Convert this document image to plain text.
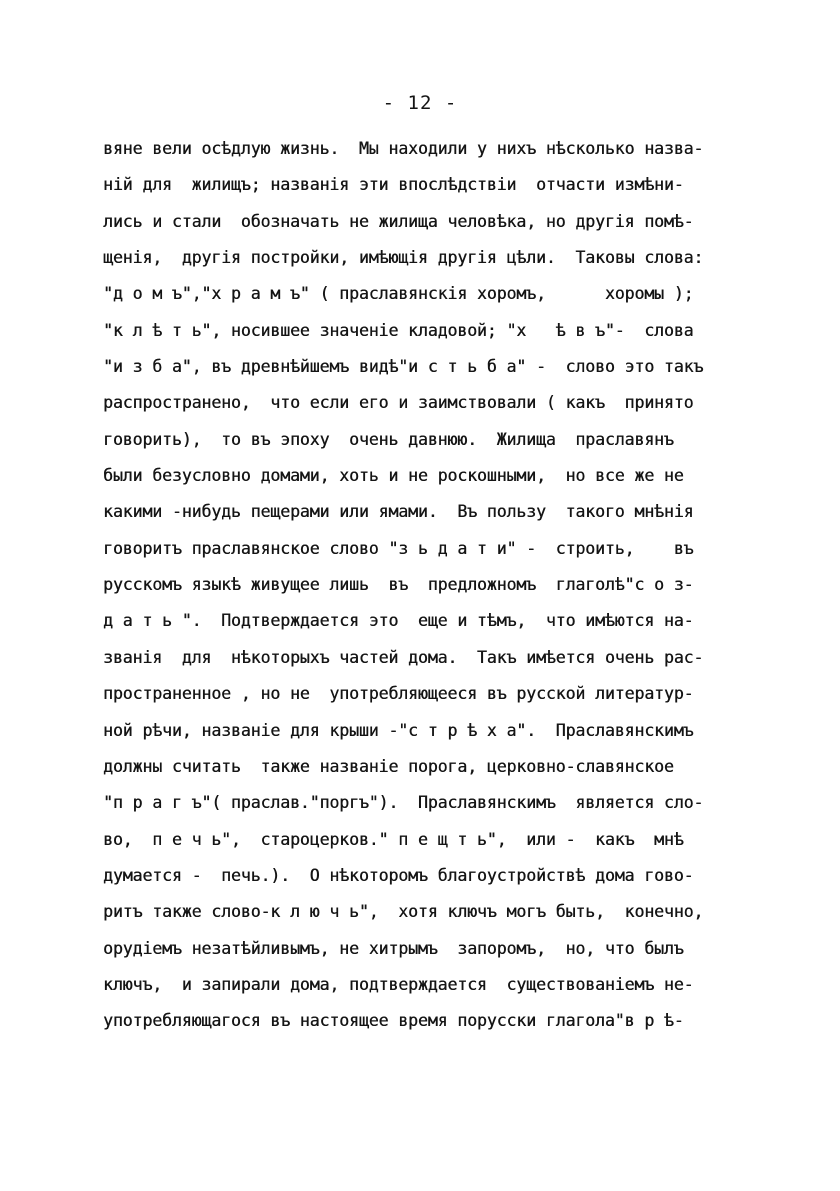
- 12 -
вяне вели осѣдлую жизнь.  Мы находили у нихъ нѣсколько назва-
нiй для  жилищъ; названiя эти впослѣдствiи  отчасти измѣни-
лись и стали  обозначать не жилища человѣка, но другiя помѣ-
щенiя,  другiя постройки, имѣющiя другiя цѣли.  Таковы слова:
"д о м ъ","х р а м ъ" ( праславянскiя хоромъ,      хоромы );
"к л ѣ т ь", носившее значенiе кладовой; "х   ѣ в ъ"-  слова
"и з б а", въ древнѣйшемъ видѣ"и с т ь б а" -  слово это такъ
распространено,  что если его и заимствовали ( какъ  принято
говорить),  то въ эпоху  очень давнюю.  Жилища  праславянъ
были безусловно домами, хоть и не роскошными,  но все же не
какими -нибудь пещерами или ямами.  Въ пользу  такого мнѣнiя
говоритъ праславянское слово "з ь д а т и" -  строить,    въ
русскомъ языкѣ живущее лишь  въ  предложномъ  глаголѣ"с о з-
д а т ь ".  Подтверждается это  еще и тѣмъ,  что имѣются на-
званiя  для  нѣкоторыхъ частей дома.  Такъ имѣется очень рас-
пространенное , но не  употребляющееся въ русской литератур-
ной рѣчи, названiе для крыши -"с т р ѣ х а".  Праславянскимъ
должны считать  также названiе порога, церковно-славянское
"п р а г ъ"( праслав."поргъ").  Праславянскимъ  является сло-
во,  п е ч ь",  староцерков." п е щ т ь",  или -  какъ  мнѣ
думается -  печь.).  О нѣкоторомъ благоустройствѣ дома гово-
ритъ также слово-к л ю ч ь",  хотя ключъ могъ быть,  конечно,
орудiемъ незатѣйливымъ, не хитрымъ  запоромъ,  но, что былъ
ключъ,  и запирали дома, подтверждается  существованiемъ не-
употребляющагося въ настоящее время порусски глагола"в р ѣ-
